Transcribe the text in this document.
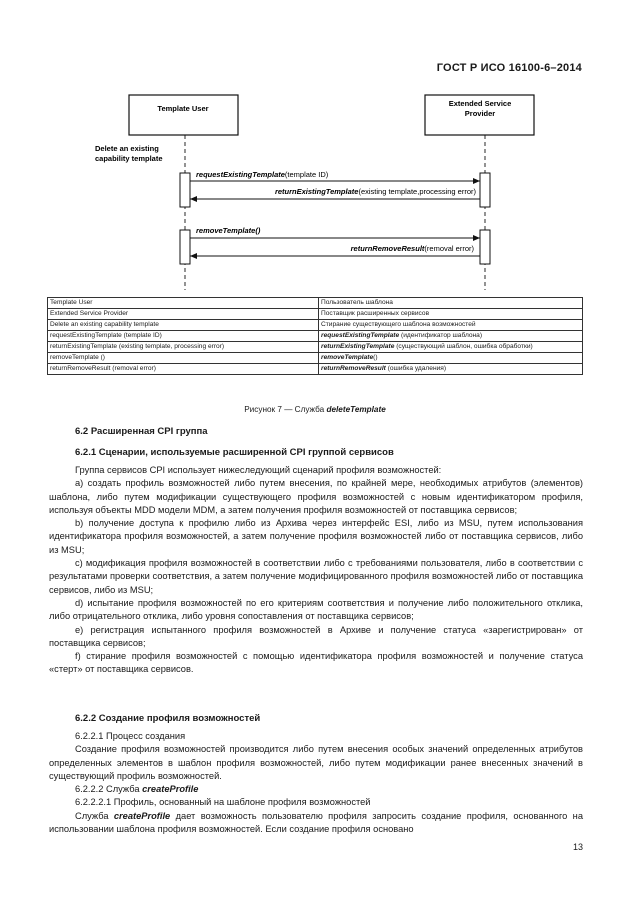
ГОСТ Р ИСО 16100-6–2014
Template User
Extended Service
Provider
Delete an existing
capability template
requestExistingTemplate(template ID)
returnExistingTemplate(existing template,processing error)
removeTemplate()
returnRemoveResult(removal error)
Template User	Пользователь шаблона
Extended Service Provider	Поставщик расширенных сервисов
Delete an existing capability template	Стирание существующего шаблона возможностей
requestExistingTemplate (template ID)	requestExistingTemplate (идентификатор шаблона)
returnExistingTemplate (existing template, processing error)	returnExistingTemplate (существующий шаблон, ошибка обработки)
removeTemplate ()	removeTemplate()
returnRemoveResult (removal error)	returnRemoveResult (ошибка удаления)
Рисунок 7 — Служба deleteTemplate
6.2 Расширенная CPI группа
6.2.1 Сценарии, используемые расширенной CPI группой сервисов
Группа сервисов CPI использует нижеследующий сценарий профиля возможностей:
а) создать профиль возможностей либо путем внесения, по крайней мере, необходимых атрибутов (элементов) шаблона, либо путем модификации существующего профиля возможностей с новым идентификатором профиля, используя объекты MDD модели MDM, а затем получения профиля возможностей от поставщика сервисов;
b) получение доступа к профилю либо из Архива через интерфейс ESI, либо из MSU, путем использования идентификатора профиля возможностей, а затем получение профиля возможностей либо от поставщика сервисов, либо из MSU;
c) модификация профиля возможностей в соответствии либо с требованиями пользователя, либо в соответствии с результатами проверки соответствия, а затем получение модифицированного профиля возможностей либо от поставщика сервисов, либо из MSU;
d) испытание профиля возможностей по его критериям соответствия и получение либо положительного отклика, либо отрицательного отклика, либо уровня сопоставления от поставщика сервисов;
e) регистрация испытанного профиля возможностей в Архиве и получение статуса «зарегистрирован» от поставщика сервисов;
f) стирание профиля возможностей с помощью идентификатора профиля возможностей и получение статуса «стерт» от поставщика сервисов.
6.2.2 Создание профиля возможностей
6.2.2.1 Процесс создания
Создание профиля возможностей производится либо путем внесения особых значений определенных атрибутов определенных элементов в шаблон профиля возможностей, либо путем модификации ранее внесенных значений в существующий профиль возможностей.
6.2.2.2 Служба createProfile
6.2.2.2.1 Профиль, основанный на шаблоне профиля возможностей
Служба createProfile дает возможность пользователю профиля запросить создание профиля, основанного на использовании шаблона профиля возможностей. Если создание профиля основано
13
